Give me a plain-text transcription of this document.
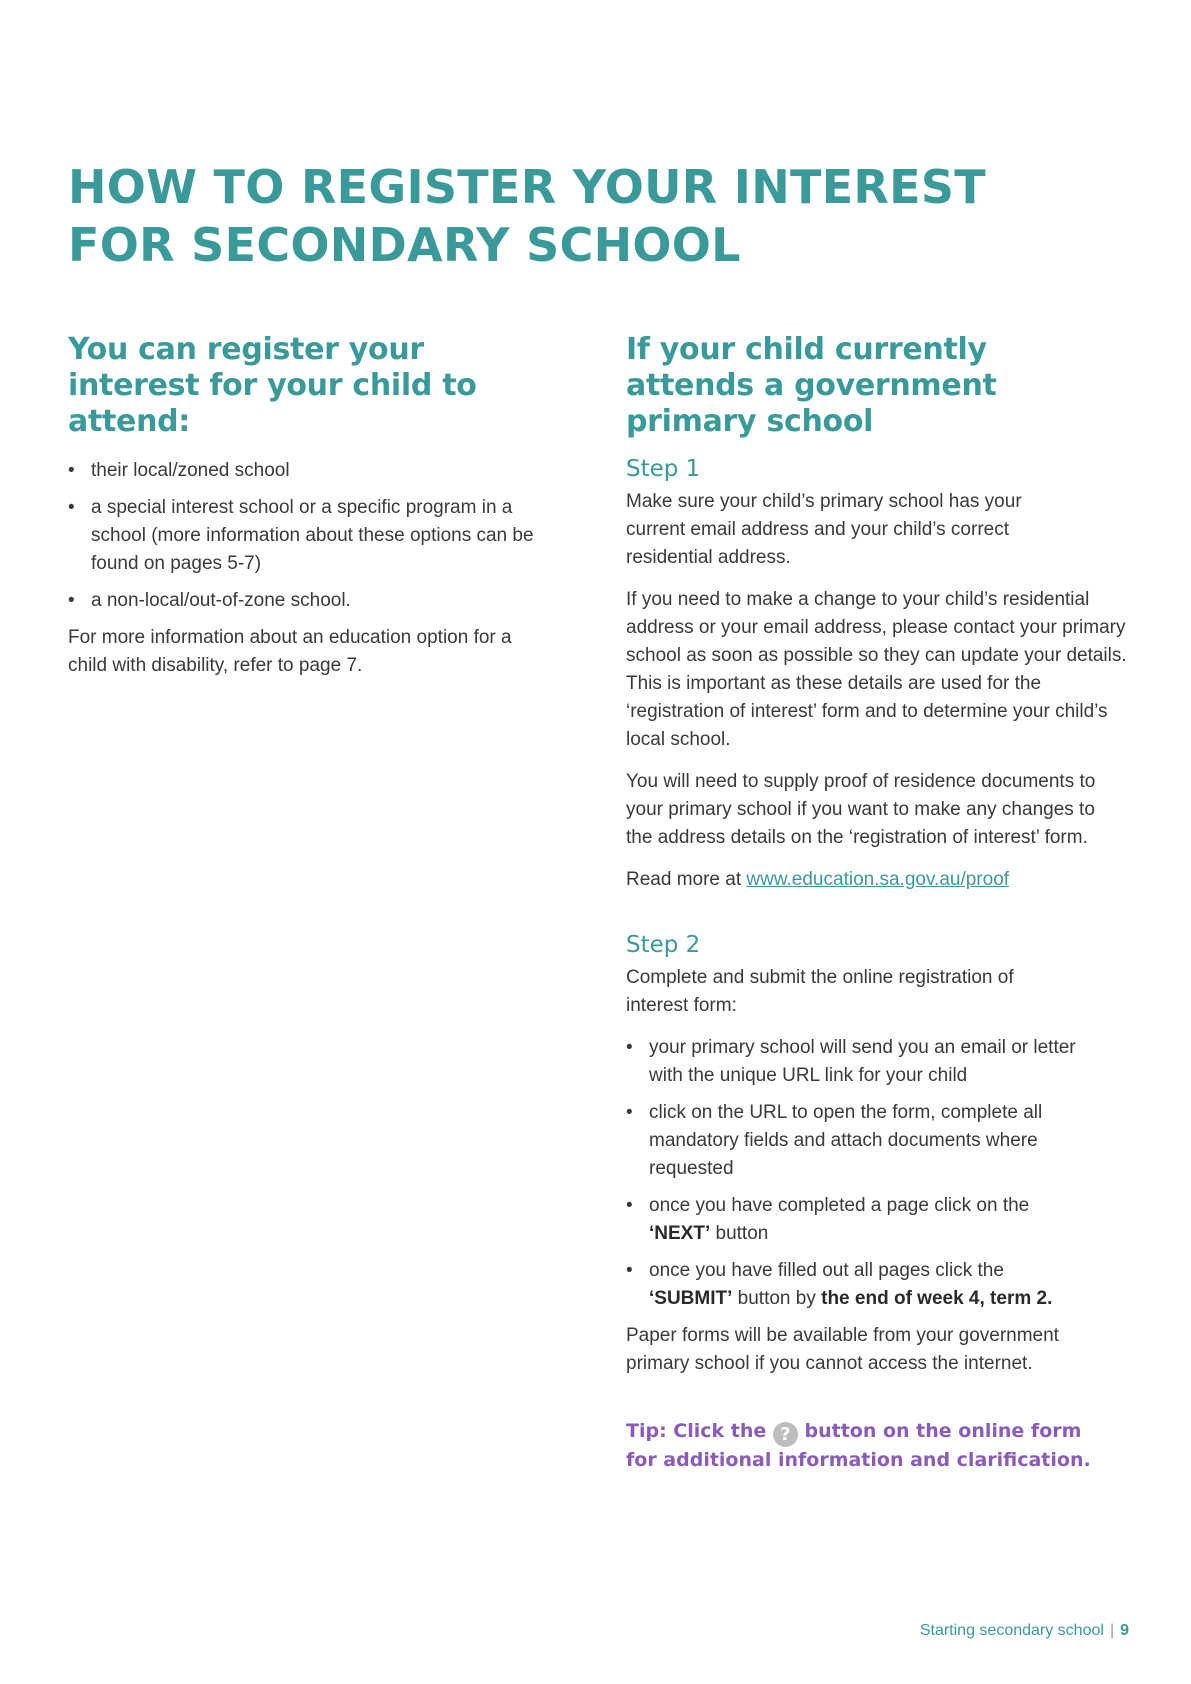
HOW TO REGISTER YOUR INTEREST
FOR SECONDARY SCHOOL
You can register your interest for your child to attend:
• their local/zoned school
• a special interest school or a specific program in a school (more information about these options can be found on pages 5-7)
• a non-local/out-of-zone school.

For more information about an education option for a child with disability, refer to page 7.

If your child currently attends a government primary school
Step 1

Make sure your child’s primary school has your current email address and your child’s correct residential address.

If you need to make a change to your child’s residential address or your email address, please contact your primary school as soon as possible so they can update your details. This is important as these details are used for the ‘registration of interest’ form and to determine your child’s local school.

You will need to supply proof of residence documents to your primary school if you want to make any changes to the address details on the ‘registration of interest’ form.

Read more at www.education.sa.gov.au/proof

Step 2

Complete and submit the online registration of interest form:

• your primary school will send you an email or letter with the unique URL link for your child
• click on the URL to open the form, complete all mandatory fields and attach documents where requested
• once you have completed a page click on the ‘NEXT’ button
• once you have filled out all pages click the ‘SUBMIT’ button by the end of week 4, term 2.

Paper forms will be available from your government primary school if you cannot access the internet.

Tip: Click the ? button on the online form for additional information and clarification.

Starting secondary school | 9
